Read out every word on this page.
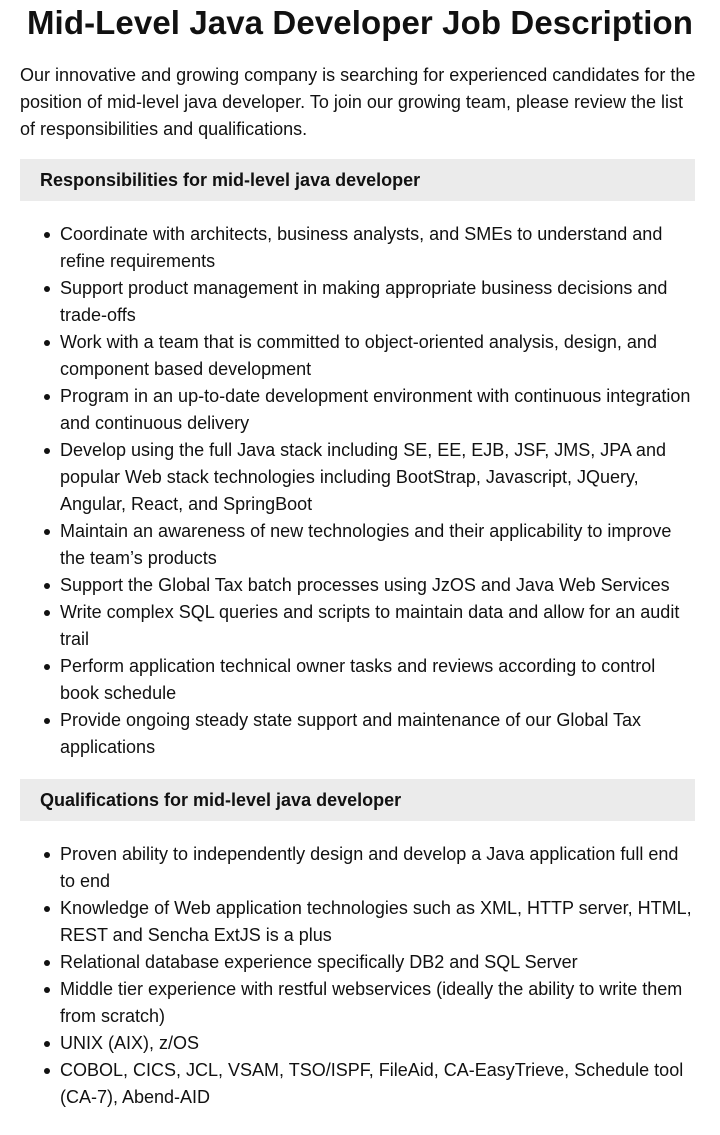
Mid-Level Java Developer Job Description

Our innovative and growing company is searching for experienced candidates for the position of mid-level java developer. To join our growing team, please review the list of responsibilities and qualifications.

Responsibilities for mid-level java developer
Coordinate with architects, business analysts, and SMEs to understand and refine requirements
Support product management in making appropriate business decisions and trade-offs
Work with a team that is committed to object-oriented analysis, design, and component based development
Program in an up-to-date development environment with continuous integration and continuous delivery
Develop using the full Java stack including SE, EE, EJB, JSF, JMS, JPA and popular Web stack technologies including BootStrap, Javascript, JQuery, Angular, React, and SpringBoot
Maintain an awareness of new technologies and their applicability to improve the team’s products
Support the Global Tax batch processes using JzOS and Java Web Services
Write complex SQL queries and scripts to maintain data and allow for an audit trail
Perform application technical owner tasks and reviews according to control book schedule
Provide ongoing steady state support and maintenance of our Global Tax applications
Qualifications for mid-level java developer
Proven ability to independently design and develop a Java application full end to end
Knowledge of Web application technologies such as XML, HTTP server, HTML, REST and Sencha ExtJS is a plus
Relational database experience specifically DB2 and SQL Server
Middle tier experience with restful webservices (ideally the ability to write them from scratch)
UNIX (AIX), z/OS
COBOL, CICS, JCL, VSAM, TSO/ISPF, FileAid, CA-EasyTrieve, Schedule tool (CA-7), Abend-AID
